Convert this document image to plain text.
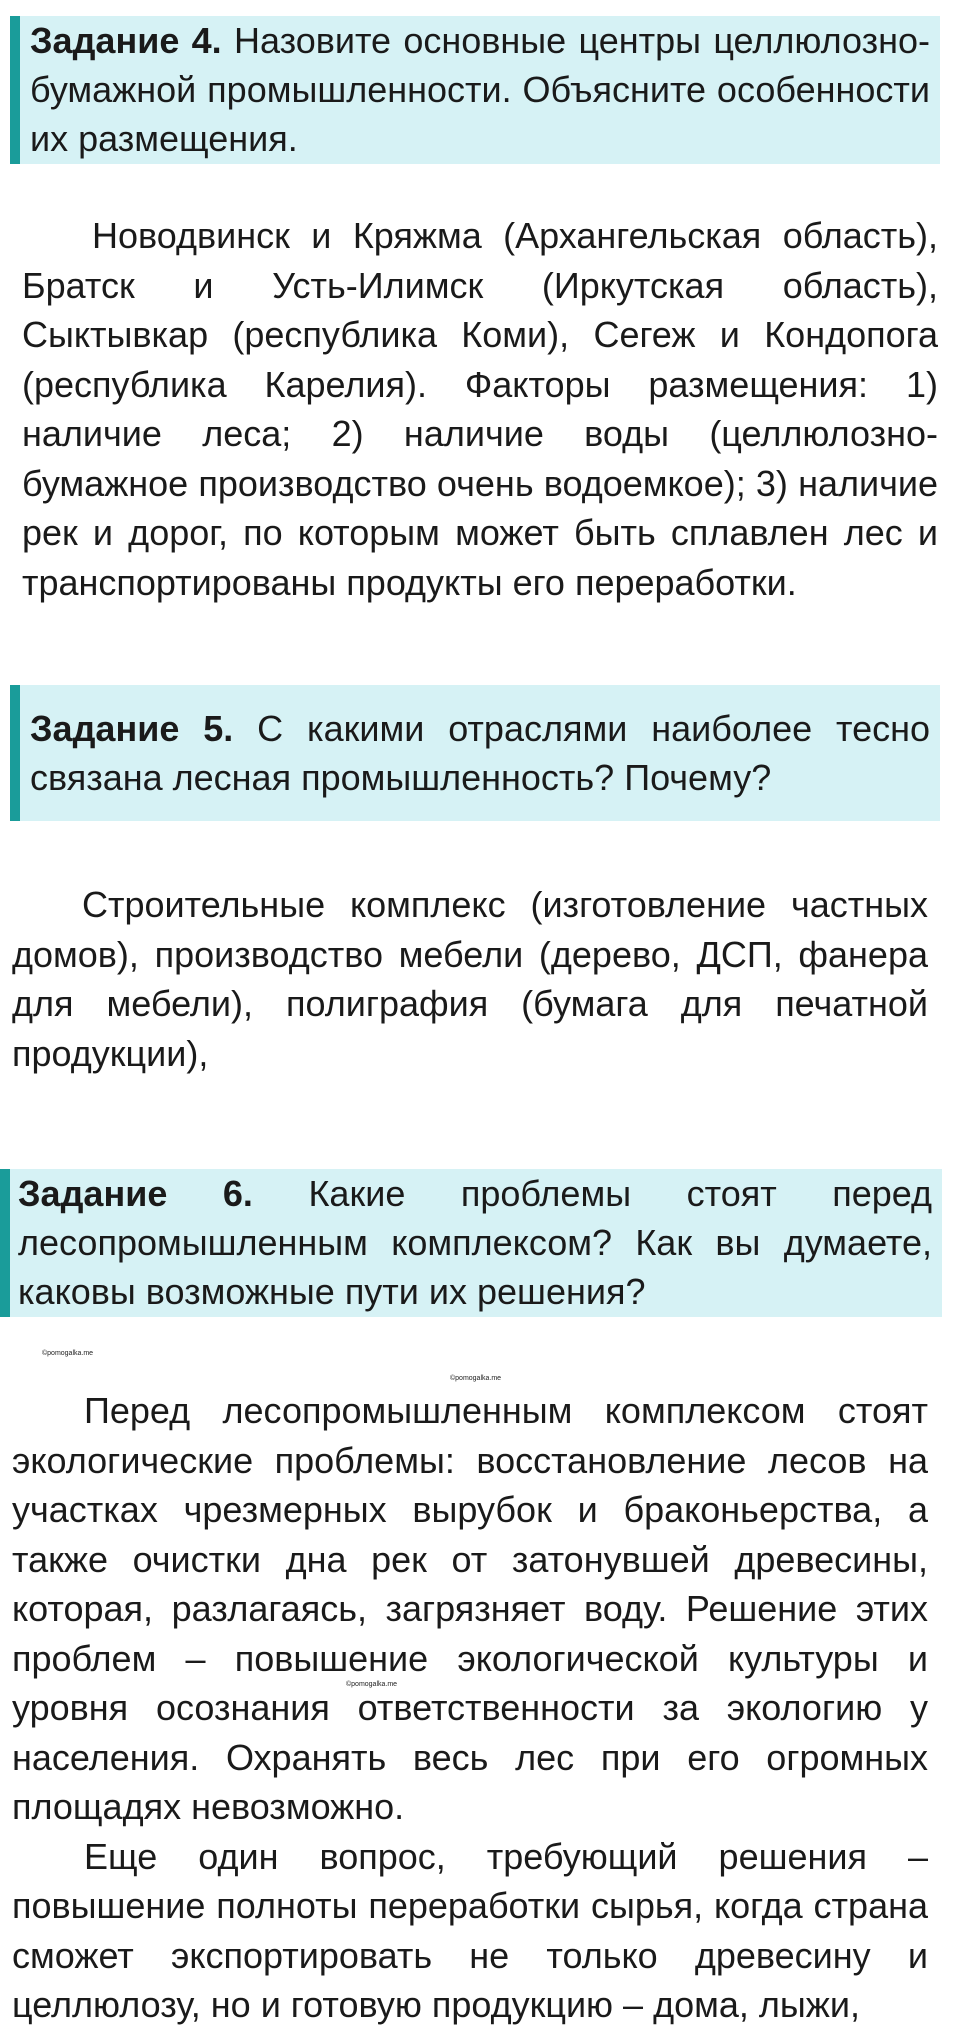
Задание 4. Назовите основные центры целлюлозно-бумажной промышленности. Объясните особенности их размещения.

Новодвинск и Кряжма (Архангельская область), Братск и Усть-Илимск (Иркутская область), Сыктывкар (республика Коми), Сегеж и Кондопога (республика Карелия). Факторы размещения: 1) наличие леса; 2) наличие воды (целлюлозно-бумажное производство очень водоемкое); 3) наличие рек и дорог, по которым может быть сплавлен лес и транспортированы продукты его переработки.

Задание 5. С какими отраслями наиболее тесно связана лесная промышленность? Почему?

Строительные комплекс (изготовление частных домов), производство мебели (дерево, ДСП, фанера для мебели), полиграфия (бумага для печатной продукции),

Задание 6. Какие проблемы стоят перед лесопромышленным комплексом? Как вы думаете, каковы возможные пути их решения?
©pomogalka.me
©pomogalka.me
©pomogalka.me

Перед лесопромышленным комплексом стоят экологические проблемы: восстановление лесов на участках чрезмерных вырубок и браконьерства, а также очистки дна рек от затонувшей древесины, которая, разлагаясь, загрязняет воду. Решение этих проблем – повышение экологической культуры и уровня осознания ответственности за экологию у населения. Охранять весь лес при его огромных площадях невозможно.

Еще один вопрос, требующий решения – повышение полноты переработки сырья, когда страна сможет экспортировать не только древесину и целлюлозу, но и готовую продукцию – дома, лыжи,
